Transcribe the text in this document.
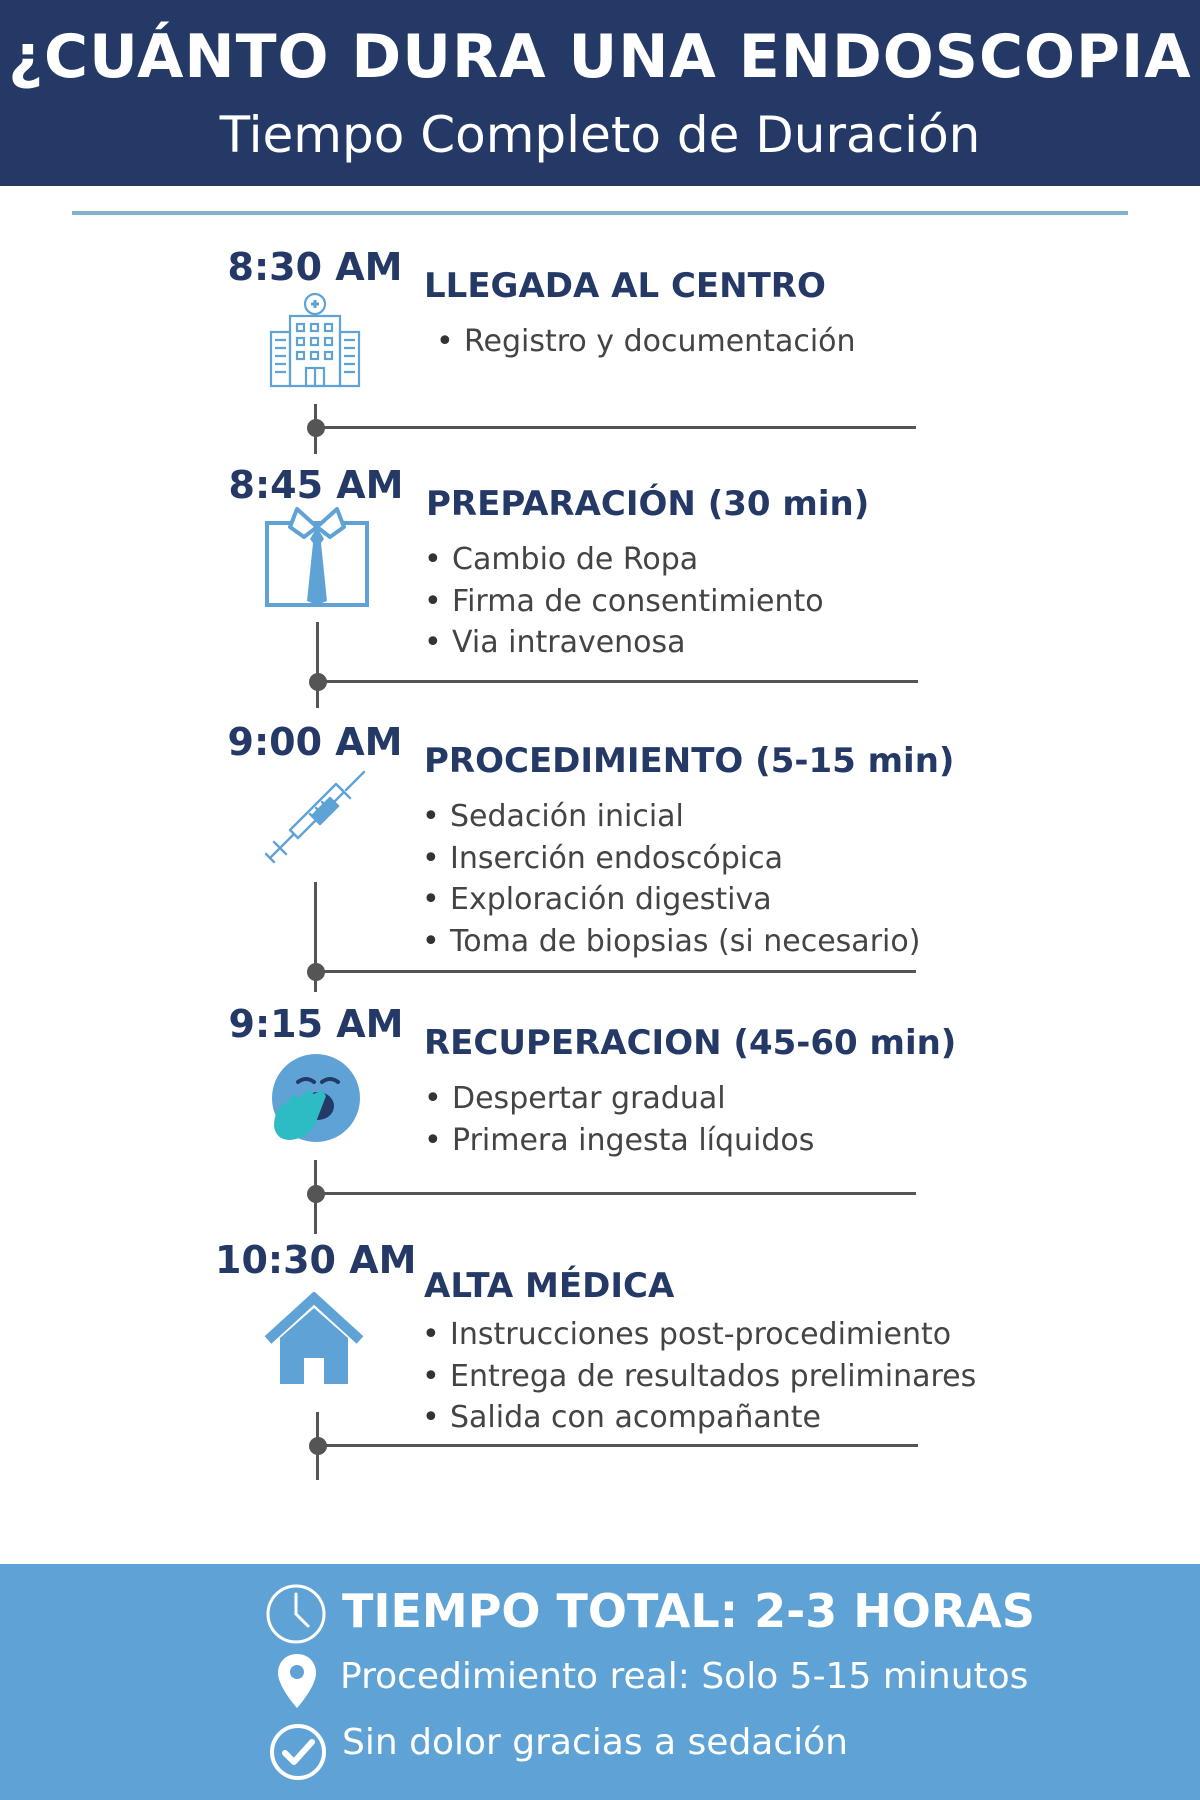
¿CUÁNTO DURA UNA ENDOSCOPIA
Tiempo Completo de Duración
8:30 AM LLEGADA AL CENTRO
• Registro y documentación
8:45 AM PREPARACIÓN (30 min)
• Cambio de Ropa
• Firma de consentimiento
• Via intravenosa
9:00 AM PROCEDIMIENTO (5-15 min)
• Sedación inicial
• Inserción endoscópica
• Exploración digestiva
• Toma de biopsias (si necesario)
9:15 AM RECUPERACION (45-60 min)
• Despertar gradual
• Primera ingesta líquidos
10:30 AM
ALTA MÉDICA
• Instrucciones post-procedimiento
• Entrega de resultados preliminares
• Salida con acompañante
TIEMPO TOTAL: 2-3 HORAS
Procedimiento real: Solo 5-15 minutos
Sin dolor gracias a sedación
